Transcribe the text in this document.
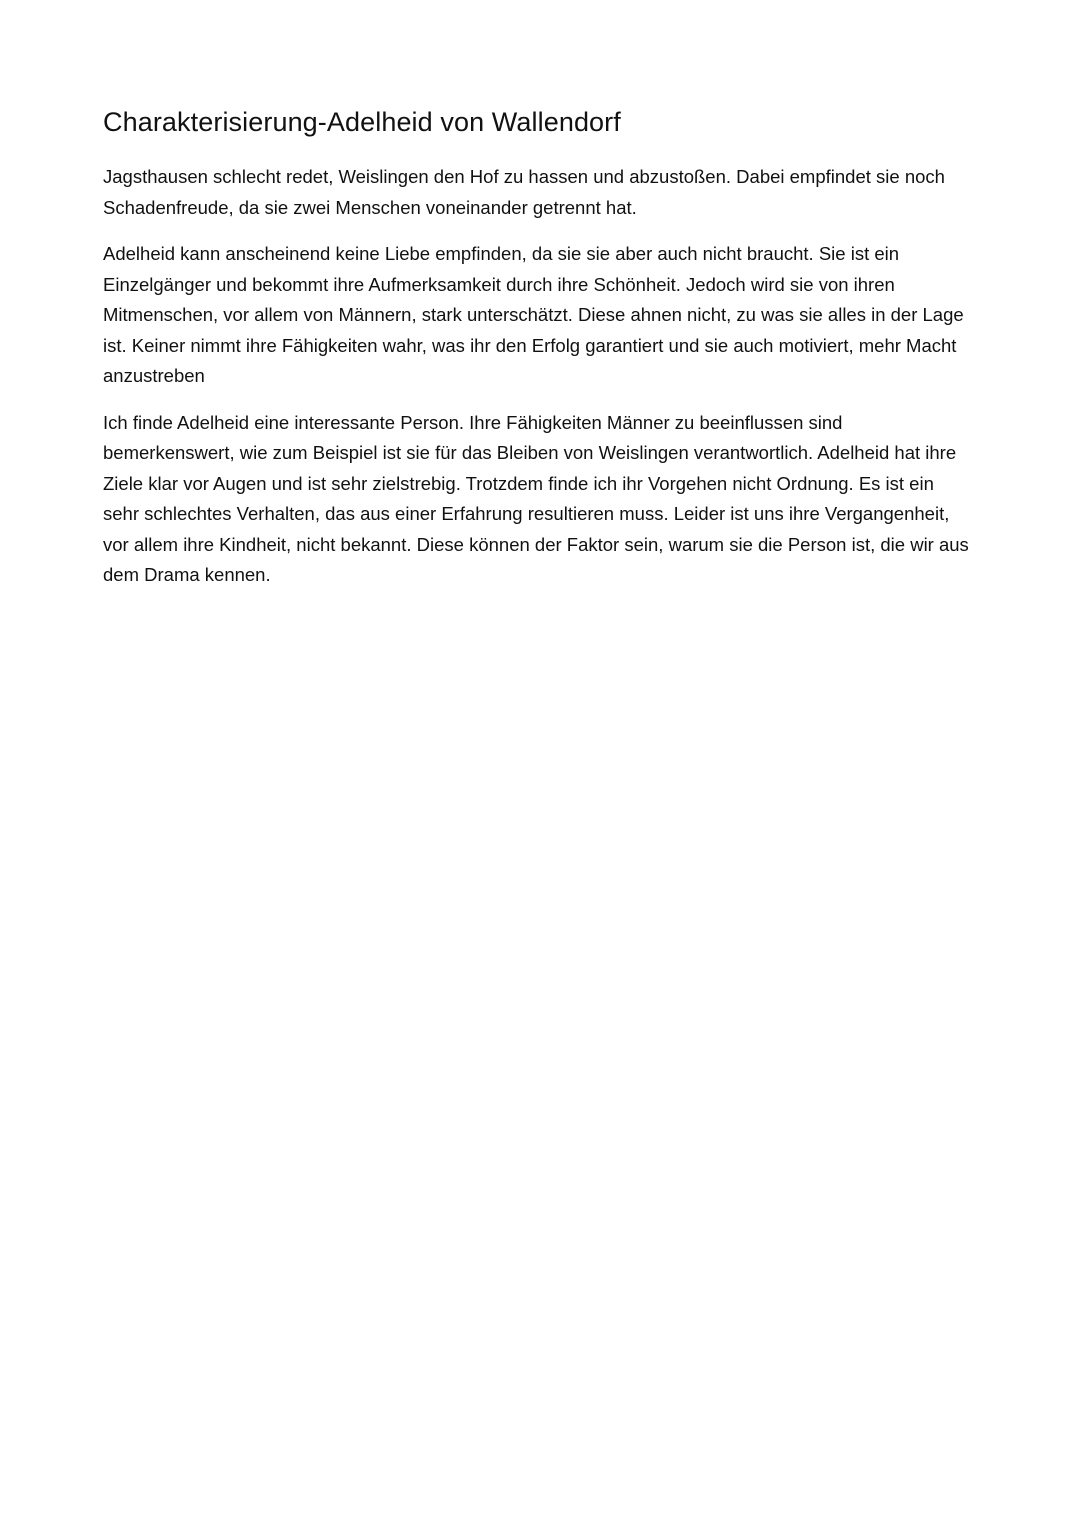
Charakterisierung-Adelheid von Wallendorf

Jagsthausen schlecht redet, Weislingen den Hof zu hassen und abzustoßen. Dabei empfindet sie noch Schadenfreude, da sie zwei Menschen voneinander getrennt hat.

Adelheid kann anscheinend keine Liebe empfinden, da sie sie aber auch nicht braucht. Sie ist ein Einzelgänger und bekommt ihre Aufmerksamkeit durch ihre Schönheit. Jedoch wird sie von ihren Mitmenschen, vor allem von Männern, stark unterschätzt. Diese ahnen nicht, zu was sie alles in der Lage ist. Keiner nimmt ihre Fähigkeiten wahr, was ihr den Erfolg garantiert und sie auch motiviert, mehr Macht anzustreben

Ich finde Adelheid eine interessante Person. Ihre Fähigkeiten Männer zu beeinflussen sind bemerkenswert, wie zum Beispiel ist sie für das Bleiben von Weislingen verantwortlich. Adelheid hat ihre Ziele klar vor Augen und ist sehr zielstrebig. Trotzdem finde ich ihr Vorgehen nicht Ordnung. Es ist ein sehr schlechtes Verhalten, das aus einer Erfahrung resultieren muss. Leider ist uns ihre Vergangenheit, vor allem ihre Kindheit, nicht bekannt. Diese können der Faktor sein, warum sie die Person ist, die wir aus dem Drama kennen.
